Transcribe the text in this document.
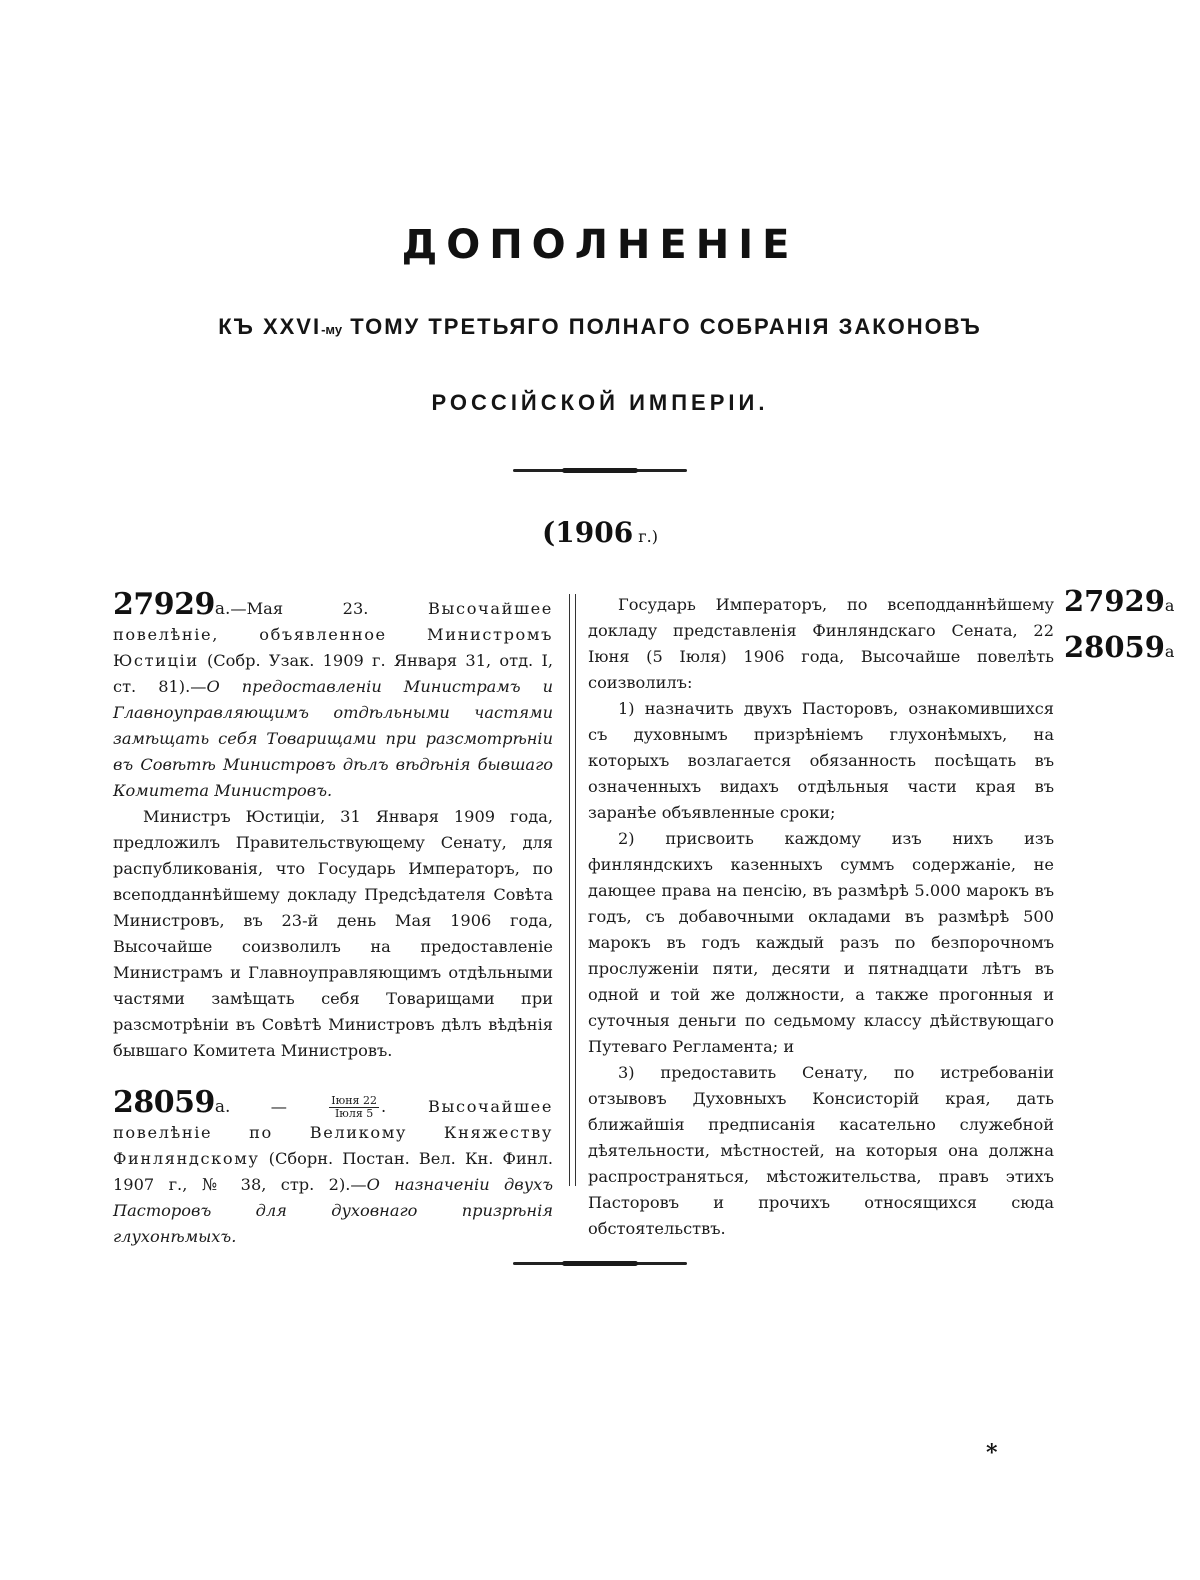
ДОПОЛНЕНІЕ
КЪ XXVI-му ТОМУ ТРЕТЬЯГО ПОЛНАГО СОБРАНІЯ ЗАКОНОВЪ
РОССІЙСКОЙ ИМПЕРІИ.
(1906 г.)

27929а.—Мая 23. Высочайшее повелѣніе, объявленное Министромъ Юстиціи (Собр. Узак. 1909 г. Января 31, отд. I, ст. 81).—О предоставленіи Министрамъ и Главноуправляющимъ отдѣльными частями замѣщать себя Товарищами при разсмотрѣніи въ Совѣтѣ Министровъ дѣлъ вѣдѣнія бывшаго Комитета Министровъ.

Министръ Юстиціи, 31 Января 1909 года, предложилъ Правительствующему Сенату, для распубликованія, что Государь Императоръ, по всеподданнѣйшему докладу Предсѣдателя Совѣта Министровъ, въ 23-й день Мая 1906 года, Высочайше соизволилъ на предоставленіе Министрамъ и Главноуправляющимъ отдѣльными частями замѣщать себя Товарищами при разсмотрѣніи въ Совѣтѣ Министровъ дѣлъ вѣдѣнія бывшаго Комитета Министровъ.

28059а. — $\frac{\text{Іюня 22}}{\text{Іюля 5}}$ . Высочайшее повелѣніе по Великому Княжеству Финляндскому (Сборн. Постан. Вел. Кн. Финл. 1907 г., № 38, стр. 2).—О назначеніи двухъ Пасторовъ для духовнаго призрѣнія глухонѣмыхъ.

Государь Императоръ, по всеподданнѣйшему докладу представленія Финляндскаго Сената, 22 Іюня (5 Іюля) 1906 года, Высочайше повелѣть соизволилъ:

1) назначить двухъ Пасторовъ, ознакомившихся съ духовнымъ призрѣніемъ глухонѣмыхъ, на которыхъ возлагается обязанность посѣщать въ означенныхъ видахъ отдѣльныя части края въ заранѣе объявленные сроки;

2) присвоить каждому изъ нихъ изъ финляндскихъ казенныхъ суммъ содержаніе, не дающее права на пенсію, въ размѣрѣ 5.000 марокъ въ годъ, съ добавочными окладами въ размѣрѣ 500 марокъ въ годъ каждый разъ по безпорочномъ прослуженіи пяти, десяти и пятнадцати лѣтъ въ одной и той же должности, а также прогонныя и суточныя деньги по седьмому классу дѣйствующаго Путеваго Регламента; и

3) предоставить Сенату, по истребованіи отзывовъ Духовныхъ Консисторій края, дать ближайшія предписанія касательно служебной дѣятельности, мѣстностей, на которыя она должна распространяться, мѣстожительства, правъ этихъ Пасторовъ и прочихъ относящихся сюда обстоятельствъ.

27929а
28059а
*
